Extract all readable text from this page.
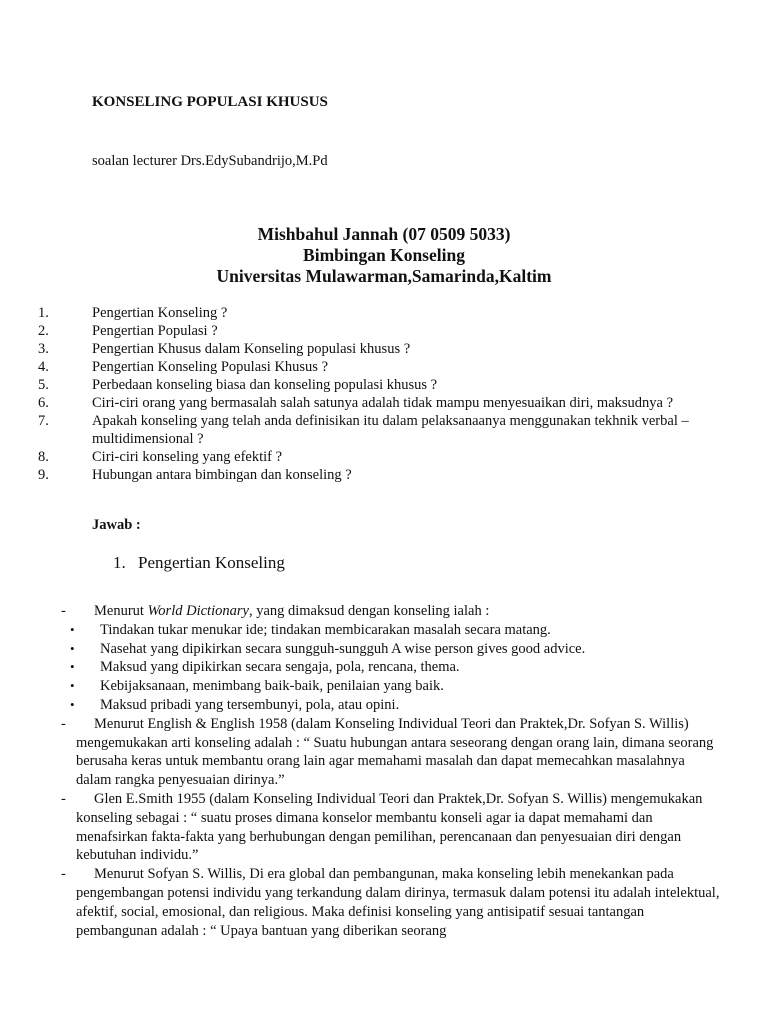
KONSELING POPULASI KHUSUS
soalan lecturer Drs.EdySubandrijo,M.Pd
Mishbahul Jannah (07 0509 5033)
Bimbingan Konseling
Universitas Mulawarman,Samarinda,Kaltim
1.	Pengertian Konseling ?
2.	Pengertian Populasi ?
3.	Pengertian Khusus dalam Konseling populasi khusus ?
4.	Pengertian Konseling Populasi Khusus ?
5.	Perbedaan konseling biasa dan konseling populasi khusus ?
6.	Ciri-ciri orang yang bermasalah salah satunya adalah tidak mampu menyesuaikan diri, maksudnya ?
7.	Apakah konseling yang telah anda definisikan itu dalam pelaksanaanya menggunakan tekhnik verbal – multidimensional ?
8.	Ciri-ciri konseling yang efektif ?
9.	Hubungan antara bimbingan dan konseling ?
Jawab :
1. Pengertian Konseling
-	Menurut World Dictionary, yang dimaksud dengan konseling ialah :
•	Tindakan tukar menukar ide; tindakan membicarakan masalah secara matang.
•	Nasehat yang dipikirkan secara sungguh-sungguh A wise person gives good advice.
•	Maksud yang dipikirkan secara sengaja, pola, rencana, thema.
•	Kebijaksanaan, menimbang baik-baik, penilaian yang baik.
•	Maksud pribadi yang tersembunyi, pola, atau opini.
-	Menurut English & English 1958 (dalam Konseling Individual Teori dan Praktek,Dr. Sofyan S. Willis) mengemukakan arti konseling adalah : “ Suatu hubungan antara seseorang dengan orang lain, dimana seorang berusaha keras untuk membantu orang lain agar memahami masalah dan dapat memecahkan masalahnya dalam rangka penyesuaian dirinya.”
-	Glen E.Smith 1955 (dalam Konseling Individual Teori dan Praktek,Dr. Sofyan S. Willis) mengemukakan konseling sebagai : “ suatu proses dimana konselor membantu konseli agar ia dapat memahami dan menafsirkan fakta-fakta yang berhubungan dengan pemilihan, perencanaan dan penyesuaian diri dengan kebutuhan individu.”
-	Menurut Sofyan S. Willis, Di era global dan pembangunan, maka konseling lebih menekankan pada pengembangan potensi individu yang terkandung dalam dirinya, termasuk dalam potensi itu adalah intelektual, afektif, social, emosional, dan religious. Maka definisi konseling yang antisipatif sesuai tantangan pembangunan adalah : “ Upaya bantuan yang diberikan seorang
